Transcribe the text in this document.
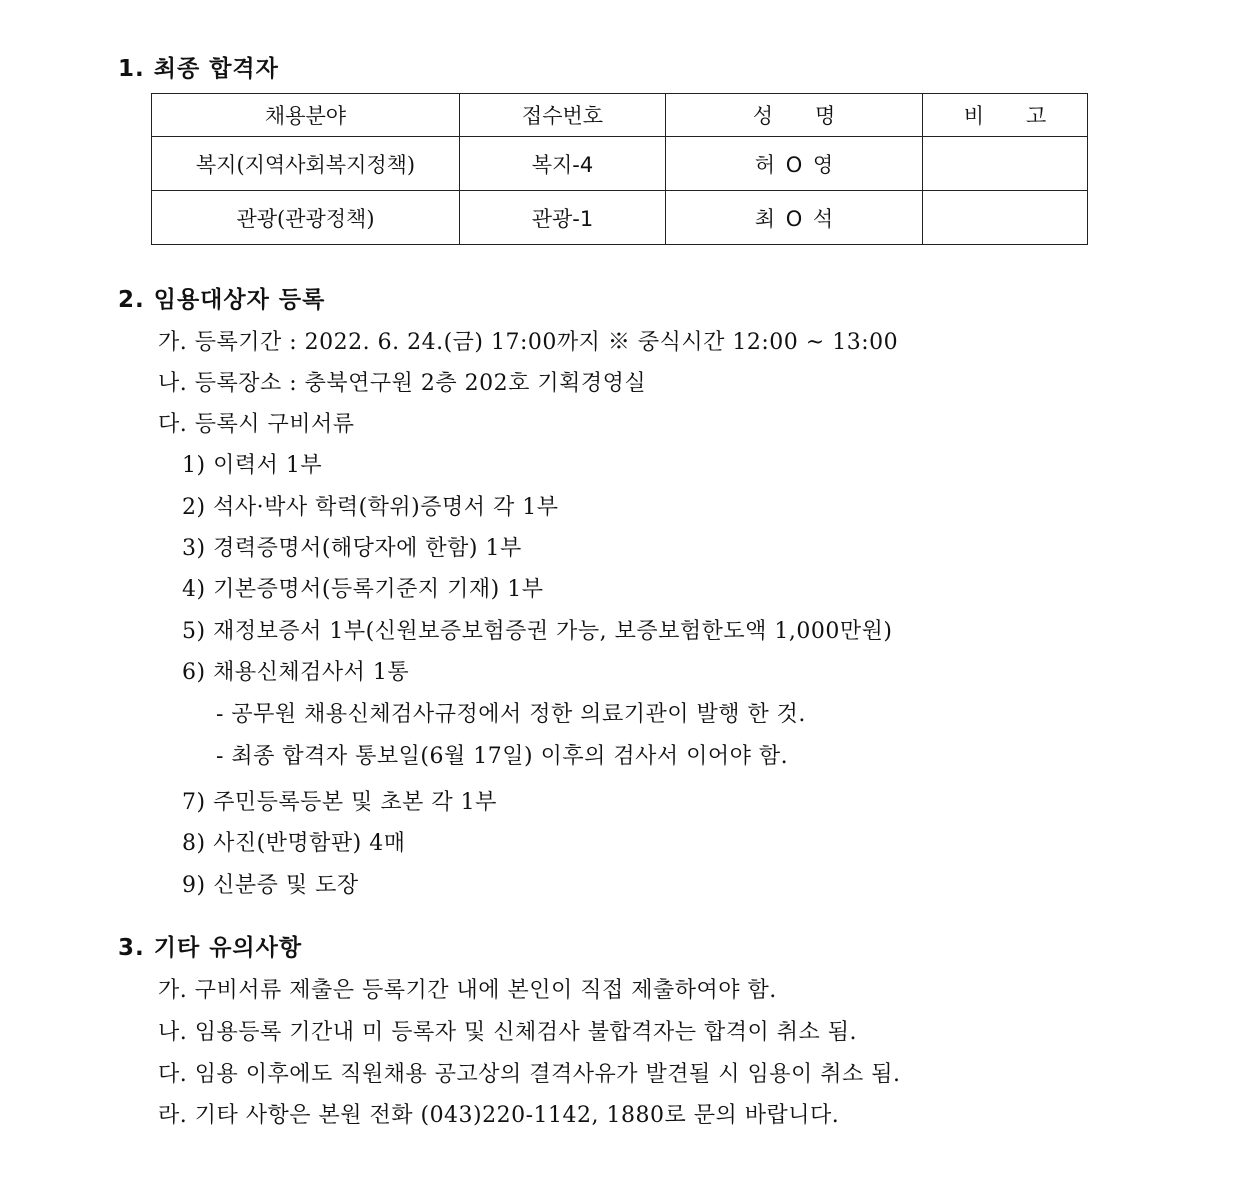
1. 최종 합격자
채용분야	접수번호	성　　명	비　　고
복지(지역사회복지정책)	복지-4	허 O 영	
관광(관광정책)	관광-1	최 O 석	
2. 임용대상자 등록
가. 등록기간 : 2022. 6. 24.(금) 17:00까지 ※ 중식시간 12:00 ~ 13:00
나. 등록장소 : 충북연구원 2층 202호 기획경영실
다. 등록시 구비서류
1) 이력서 1부
2) 석사·박사 학력(학위)증명서 각 1부
3) 경력증명서(해당자에 한함) 1부
4) 기본증명서(등록기준지 기재) 1부
5) 재정보증서 1부(신원보증보험증권 가능, 보증보험한도액 1,000만원)
6) 채용신체검사서 1통
- 공무원 채용신체검사규정에서 정한 의료기관이 발행 한 것.
- 최종 합격자 통보일(6월 17일) 이후의 검사서 이어야 함.
7) 주민등록등본 및 초본 각 1부
8) 사진(반명함판) 4매
9) 신분증 및 도장
3. 기타 유의사항
가. 구비서류 제출은 등록기간 내에 본인이 직접 제출하여야 함.
나. 임용등록 기간내 미 등록자 및 신체검사 불합격자는 합격이 취소 됨.
다. 임용 이후에도 직원채용 공고상의 결격사유가 발견될 시 임용이 취소 됨.
라. 기타 사항은 본원 전화 (043)220-1142, 1880로 문의 바랍니다.
